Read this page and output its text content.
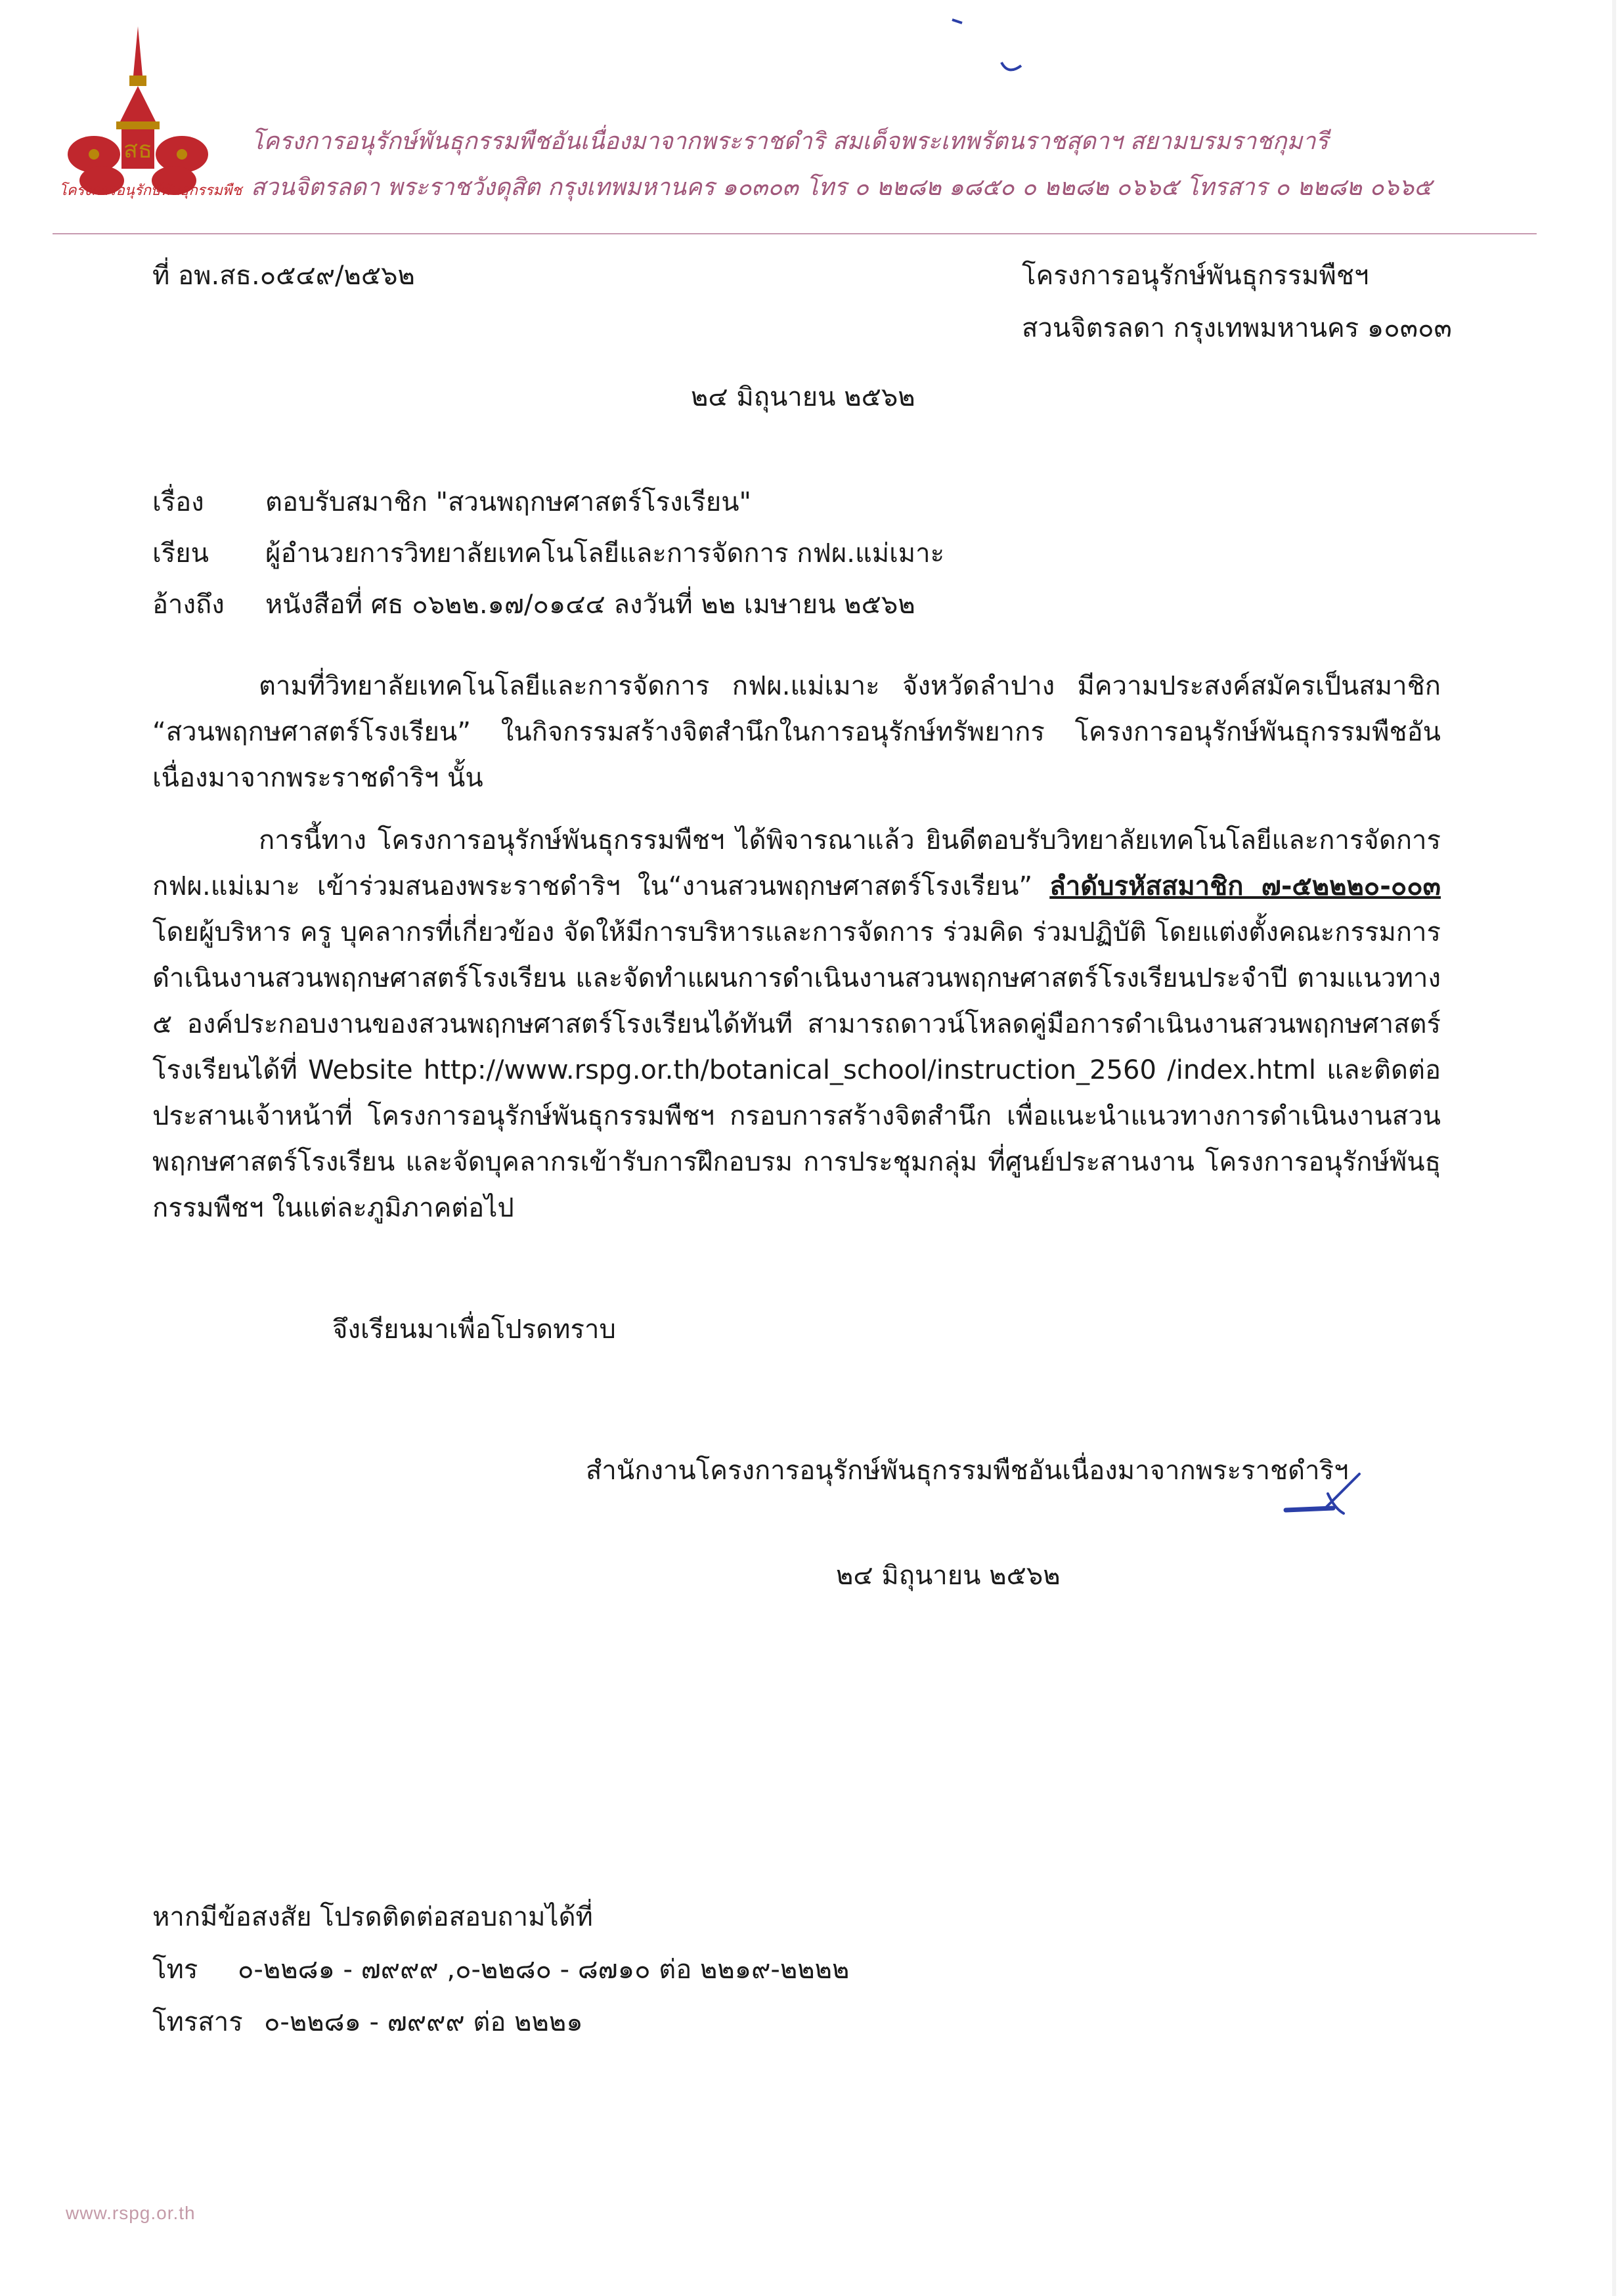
สธ
โครงการอนุรักษ์พันธุกรรมพืช
โครงการอนุรักษ์พันธุกรรมพืชอันเนื่องมาจากพระราชดำริ สมเด็จพระเทพรัตนราชสุดาฯ สยามบรมราชกุมารี
สวนจิตรลดา พระราชวังดุสิต กรุงเทพมหานคร ๑๐๓๐๓ โทร ๐ ๒๒๘๒ ๑๘๕๐ ๐ ๒๒๘๒ ๐๖๖๕ โทรสาร ๐ ๒๒๘๒ ๐๖๖๕
ที่ อพ.สธ.๐๕๔๙/๒๕๖๒	โครงการอนุรักษ์พันธุกรรมพืชฯ
สวนจิตรลดา กรุงเทพมหานคร ๑๐๓๐๓
๒๔ มิถุนายน ๒๕๖๒
เรื่อง ตอบรับสมาชิก "สวนพฤกษศาสตร์โรงเรียน"
เรียน ผู้อำนวยการวิทยาลัยเทคโนโลยีและการจัดการ กฟผ.แม่เมาะ
อ้างถึง หนังสือที่ ศธ ๐๖๒๒.๑๗/๐๑๔๔ ลงวันที่ ๒๒ เมษายน ๒๕๖๒
ตามที่วิทยาลัยเทคโนโลยีและการจัดการ กฟผ.แม่เมาะ จังหวัดลำปาง มีความประสงค์สมัครเป็นสมาชิก “สวนพฤกษศาสตร์โรงเรียน” ในกิจกรรมสร้างจิตสำนึกในการอนุรักษ์ทรัพยากร โครงการอนุรักษ์พันธุกรรมพืชอันเนื่องมาจากพระราชดำริฯ นั้น
การนี้ทาง โครงการอนุรักษ์พันธุกรรมพืชฯ ได้พิจารณาแล้ว ยินดีตอบรับวิทยาลัยเทคโนโลยีและการจัดการ กฟผ.แม่เมาะ เข้าร่วมสนองพระราชดำริฯ ใน“งานสวนพฤกษศาสตร์โรงเรียน” ลำดับรหัสสมาชิก ๗-๕๒๒๒๐-๐๐๓ โดยผู้บริหาร ครู บุคลากรที่เกี่ยวข้อง จัดให้มีการบริหารและการจัดการ ร่วมคิด ร่วมปฏิบัติ โดยแต่งตั้งคณะกรรมการดำเนินงานสวนพฤกษศาสตร์โรงเรียน และจัดทำแผนการดำเนินงานสวนพฤกษศาสตร์โรงเรียนประจำปี ตามแนวทาง ๕ องค์ประกอบงานของสวนพฤกษศาสตร์โรงเรียนได้ทันที สามารถดาวน์โหลดคู่มือการดำเนินงานสวนพฤกษศาสตร์โรงเรียนได้ที่ Website http://www.rspg.or.th/botanical_school/instruction_2560 /index.html และติดต่อประสานเจ้าหน้าที่ โครงการอนุรักษ์พันธุกรรมพืชฯ กรอบการสร้างจิตสำนึก เพื่อแนะนำแนวทางการดำเนินงานสวนพฤกษศาสตร์โรงเรียน และจัดบุคลากรเข้ารับการฝึกอบรม การประชุมกลุ่ม ที่ศูนย์ประสานงาน โครงการอนุรักษ์พันธุกรรมพืชฯ ในแต่ละภูมิภาคต่อไป
จึงเรียนมาเพื่อโปรดทราบ
สำนักงานโครงการอนุรักษ์พันธุกรรมพืชอันเนื่องมาจากพระราชดำริฯ
๒๔ มิถุนายน ๒๕๖๒
หากมีข้อสงสัย โปรดติดต่อสอบถามได้ที่
โทร ๐-๒๒๘๑ - ๗๙๙๙ ,๐-๒๒๘๐ - ๘๗๑๐ ต่อ ๒๒๑๙-๒๒๒๒
โทรสาร ๐-๒๒๘๑ - ๗๙๙๙ ต่อ ๒๒๒๑
www.rspg.or.th
